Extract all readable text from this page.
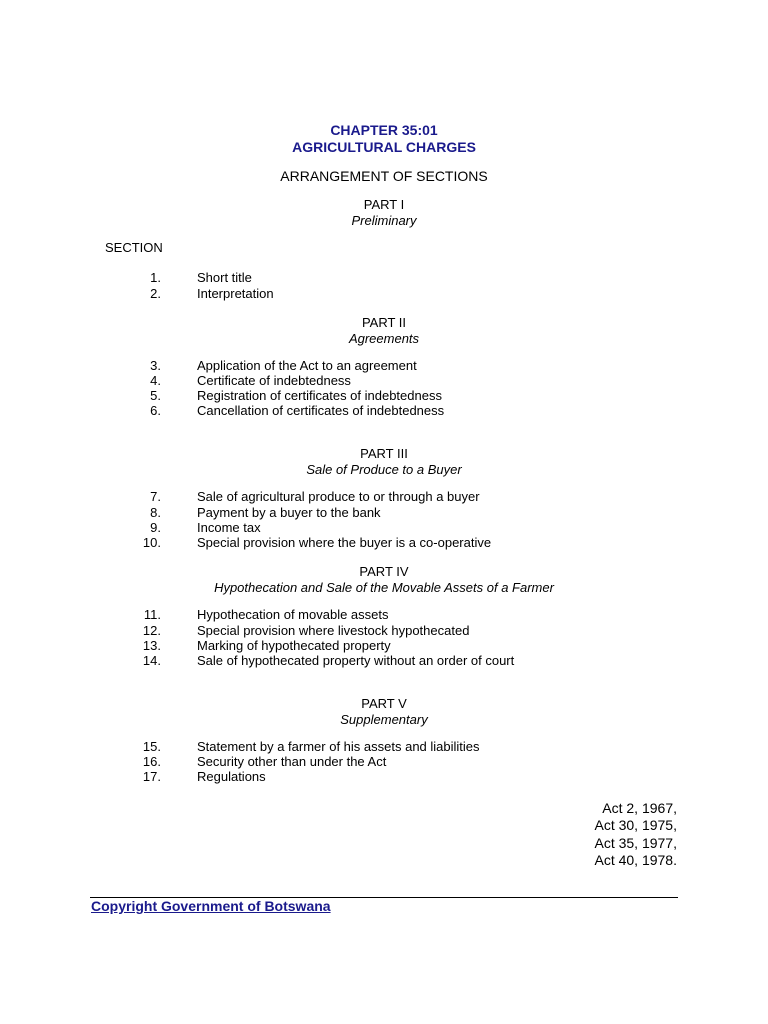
CHAPTER 35:01
AGRICULTURAL CHARGES
ARRANGEMENT OF SECTIONS
PART I
Preliminary
SECTION
1.	Short title
2.	Interpretation
PART II
Agreements
3.	Application of the Act to an agreement
4.	Certificate of indebtedness
5.	Registration of certificates of indebtedness
6.	Cancellation of certificates of indebtedness
PART III
Sale of Produce to a Buyer
7.	Sale of agricultural produce to or through a buyer
8.	Payment by a buyer to the bank
9.	Income tax
10.	Special provision where the buyer is a co-operative
PART IV
Hypothecation and Sale of the Movable Assets of a Farmer
11.	Hypothecation of movable assets
12.	Special provision where livestock hypothecated
13.	Marking of hypothecated property
14.	Sale of hypothecated property without an order of court
PART V
Supplementary
15.	Statement by a farmer of his assets and liabilities
16.	Security other than under the Act
17.	Regulations
Act 2, 1967,
Act 30, 1975,
Act 35, 1977,
Act 40, 1978.
Copyright Government of Botswana
